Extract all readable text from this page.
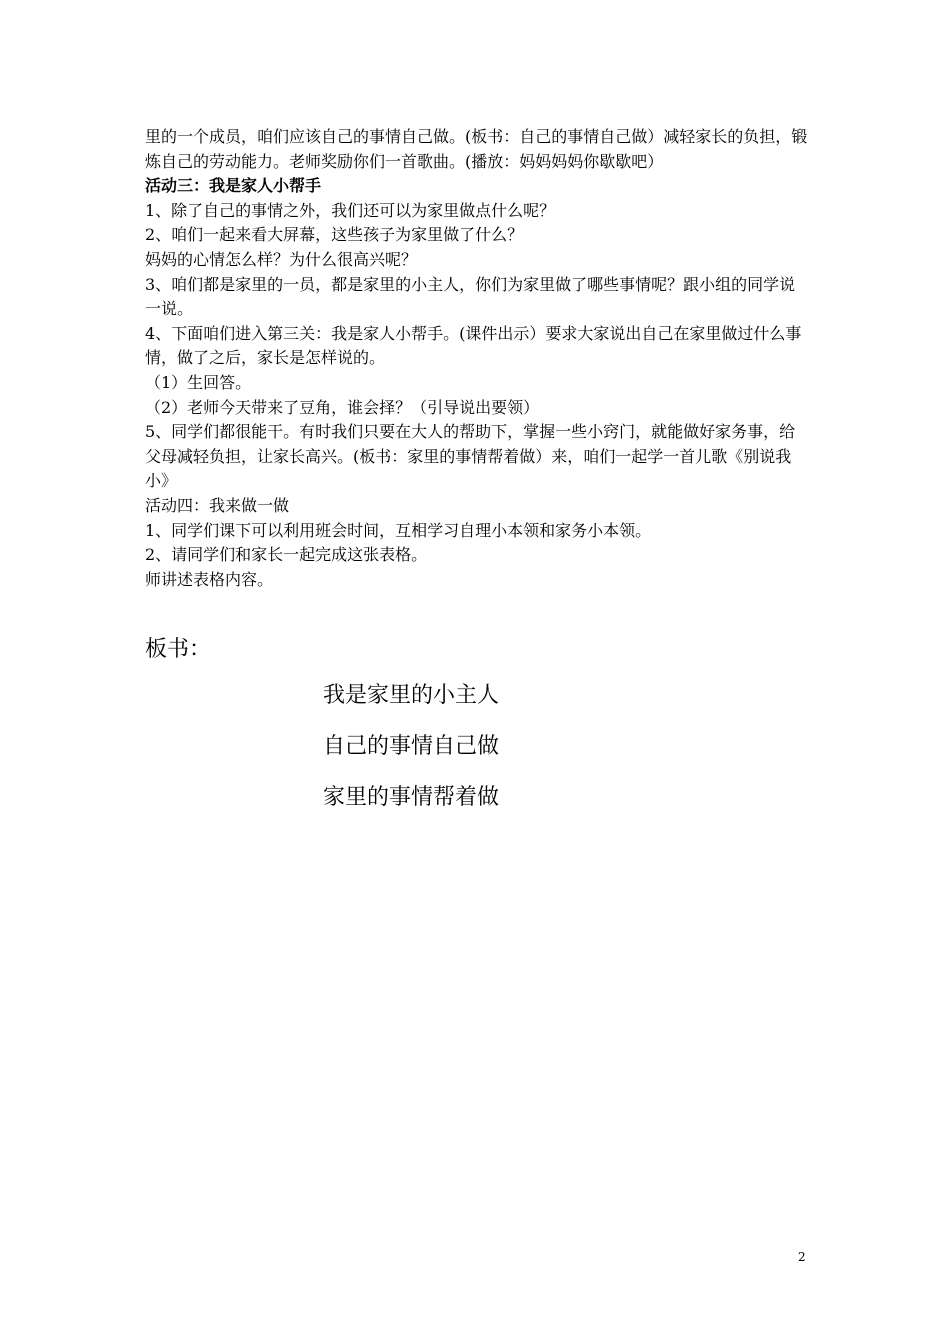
里的一个成员，咱们应该自己的事情自己做。(板书：自己的事情自己做）减轻家长的负担，锻炼自己的劳动能力。老师奖励你们一首歌曲。(播放：妈妈妈妈你歇歇吧）

活动三：我是家人小帮手

1、除了自己的事情之外，我们还可以为家里做点什么呢？

2、咱们一起来看大屏幕，这些孩子为家里做了什么？

妈妈的心情怎么样？为什么很高兴呢？

3、咱们都是家里的一员，都是家里的小主人，你们为家里做了哪些事情呢？跟小组的同学说一说。

4、下面咱们进入第三关：我是家人小帮手。(课件出示）要求大家说出自己在家里做过什么事情，做了之后，家长是怎样说的。

（1）生回答。

（2）老师今天带来了豆角，谁会择？（引导说出要领）

5、同学们都很能干。有时我们只要在大人的帮助下，掌握一些小窍门，就能做好家务事，给父母减轻负担，让家长高兴。(板书：家里的事情帮着做）来，咱们一起学一首儿歌《别说我小》

活动四：我来做一做

1、同学们课下可以利用班会时间，互相学习自理小本领和家务小本领。

2、请同学们和家长一起完成这张表格。

师讲述表格内容。

板书：

我是家里的小主人

自己的事情自己做

家里的事情帮着做

2
